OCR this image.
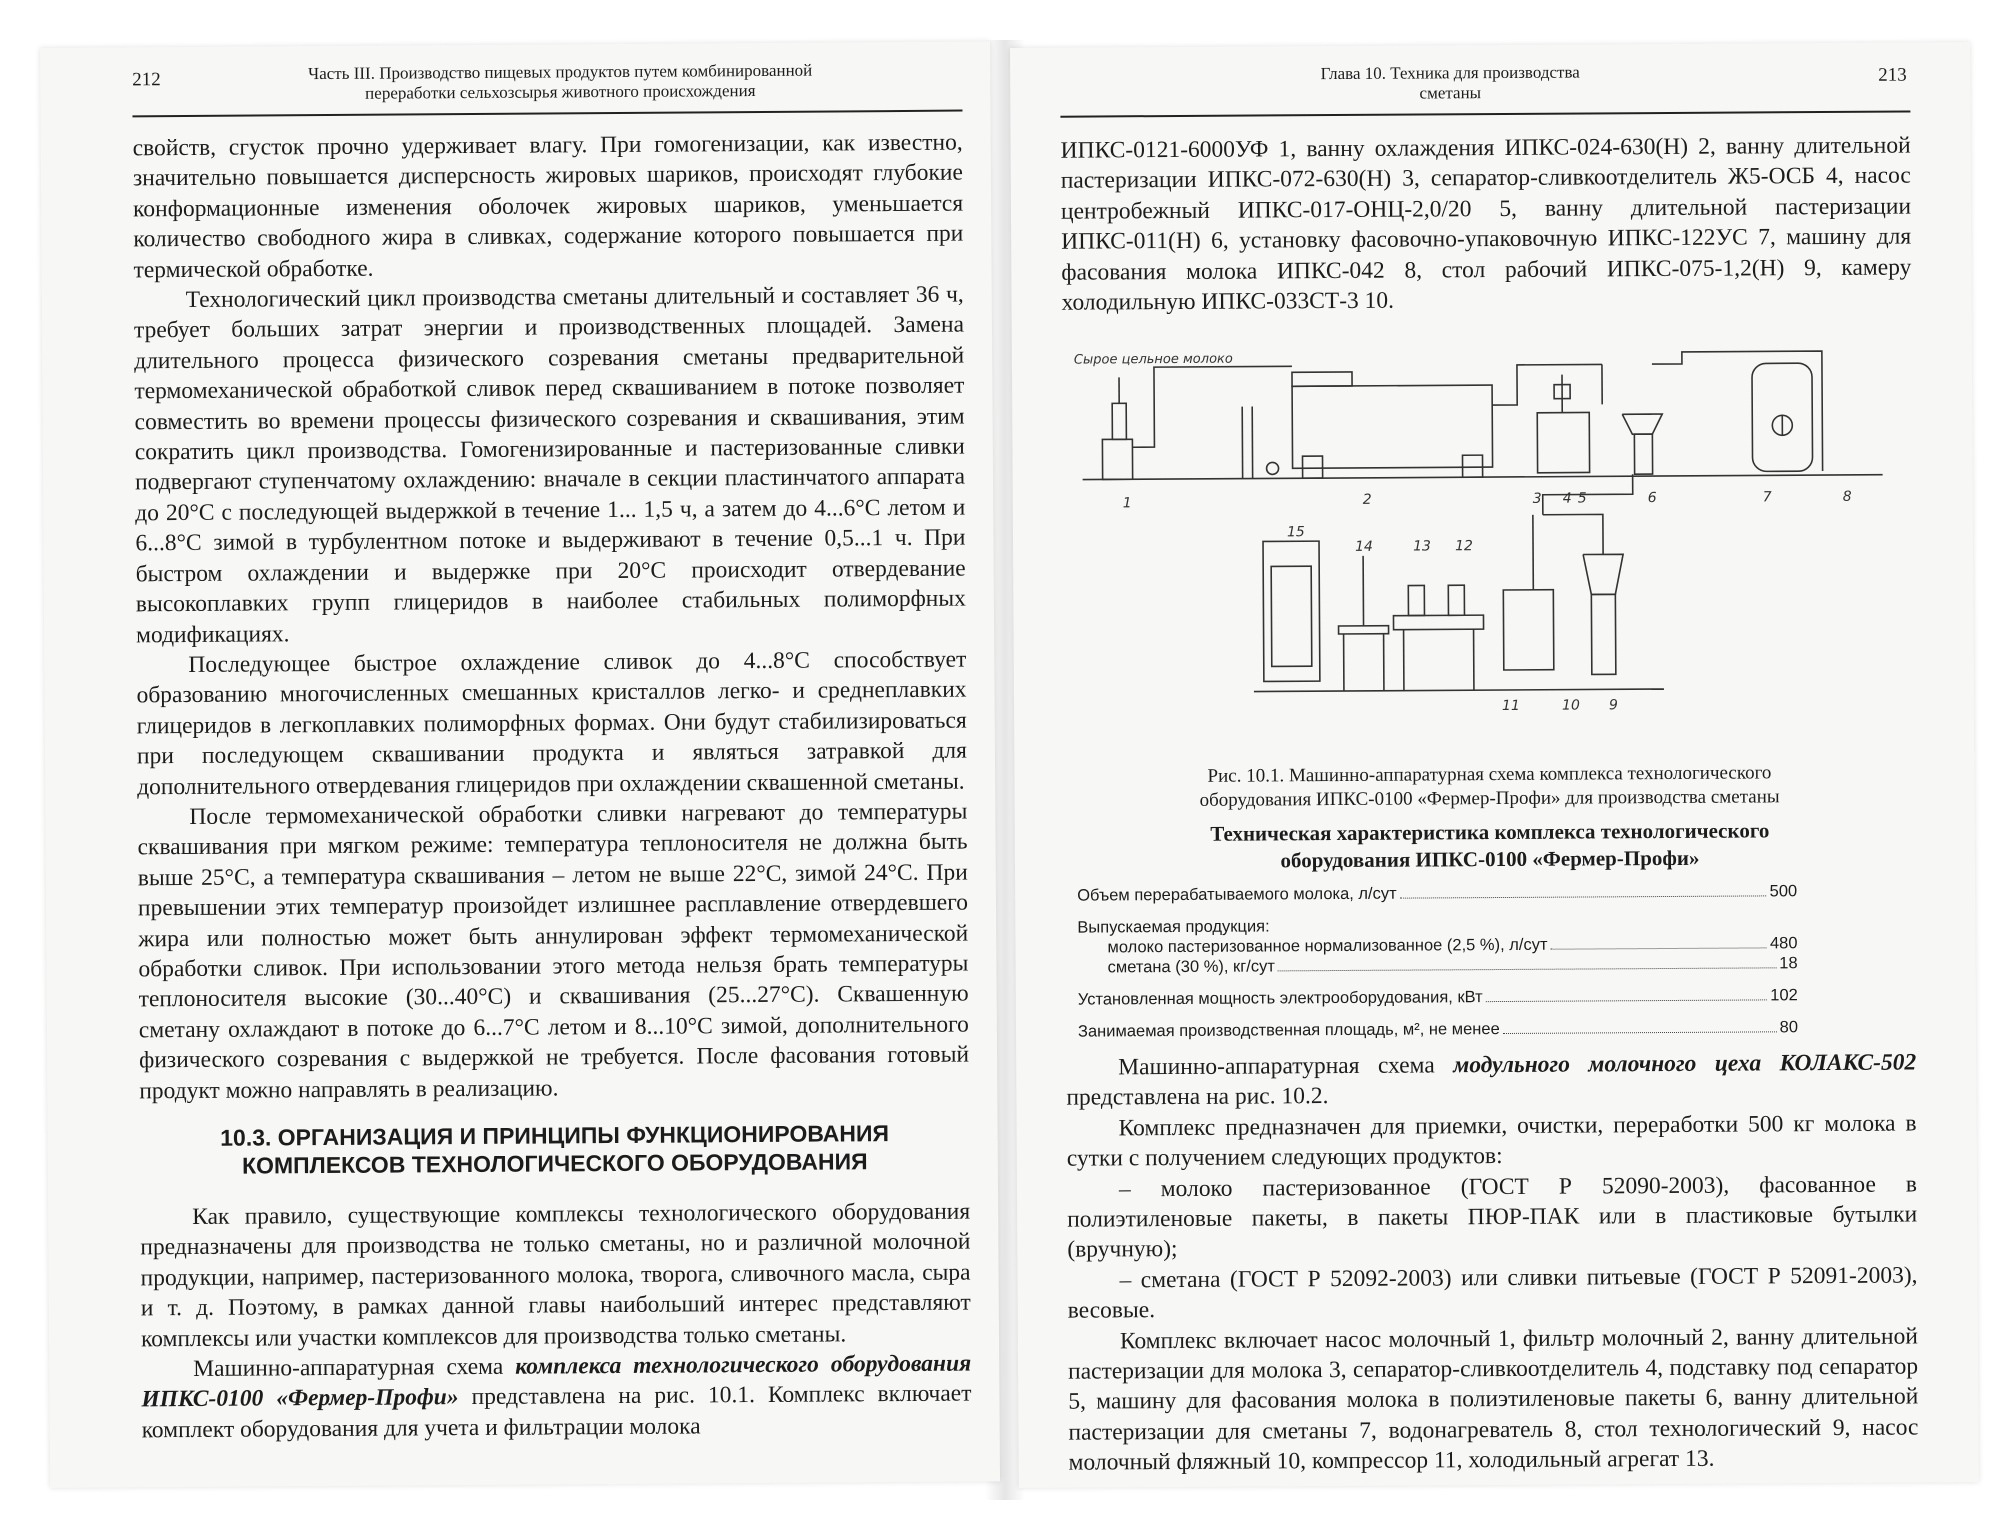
212	Часть III. Производство пищевых продуктов путем комбинированной
переработки сельхозсырья животного происхождения

свойств, сгусток прочно удерживает влагу. При гомогенизации, как известно, значительно повышается дисперсность жировых шариков, происходят глубокие конформационные изменения оболочек жировых шариков, уменьшается количество свободного жира в сливках, содержание которого повышается при термической обработке.

Технологический цикл производства сметаны длительный и составляет 36 ч, требует больших затрат энергии и производственных площадей. Замена длительного процесса физического созревания сметаны предварительной термомеханической обработкой сливок перед сквашиванием в потоке позволяет совместить во времени процессы физического созревания и сквашивания, этим сократить цикл производства. Гомогенизированные и пастеризованные сливки подвергают ступенчатому охлаждению: вначале в секции пластинчатого аппарата до 20°С с последующей выдержкой в течение 1... 1,5 ч, а затем до 4...6°С летом и 6...8°С зимой в турбулентном потоке и выдерживают в течение 0,5...1 ч. При быстром охлаждении и выдержке при 20°С происходит отвердевание высокоплавких групп глицеридов в наиболее стабильных полиморфных модификациях.

Последующее быстрое охлаждение сливок до 4...8°С способствует образованию многочисленных смешанных кристаллов легко- и среднеплавких глицеридов в легкоплавких полиморфных формах. Они будут стабилизироваться при последующем сквашивании продукта и являться затравкой для дополнительного отвердевания глицеридов при охлаждении сквашенной сметаны.

После термомеханической обработки сливки нагревают до температуры сквашивания при мягком режиме: температура теплоносителя не должна быть выше 25°С, а температура сквашивания – летом не выше 22°С, зимой 24°С. При превышении этих температур произойдет излишнее расплавление отвердевшего жира или полностью может быть аннулирован эффект термомеханической обработки сливок. При использовании этого метода нельзя брать температуры теплоносителя высокие (30...40°С) и сквашивания (25...27°С). Сквашенную сметану охлаждают в потоке до 6...7°С летом и 8...10°С зимой, дополнительного физического созревания с выдержкой не требуется. После фасования готовый продукт можно направлять в реализацию.

10.3. ОРГАНИЗАЦИЯ И ПРИНЦИПЫ ФУНКЦИОНИРОВАНИЯ
КОМПЛЕКСОВ ТЕХНОЛОГИЧЕСКОГО ОБОРУДОВАНИЯ

Как правило, существующие комплексы технологического оборудования предназначены для производства не только сметаны, но и различной молочной продукции, например, пастеризованного молока, творога, сливочного масла, сыра и т. д. Поэтому, в рамках данной главы наибольший интерес представляют комплексы или участки комплексов для производства только сметаны.

Машинно-аппаратурная схема комплекса технологического оборудования ИПКС-0100 «Фермер-Профи» представлена на рис. 10.1. Комплекс включает комплект оборудования для учета и фильтрации молока

Глава 10. Техника для производства
сметаны
213

ИПКС-0121-6000УФ 1, ванну охлаждения ИПКС-024-630(Н) 2, ванну длительной пастеризации ИПКС-072-630(Н) 3, сепаратор-сливкоотделитель Ж5-ОСБ 4, насос центробежный ИПКС-017-ОНЦ-2,0/20 5, ванну длительной пастеризации ИПКС-011(Н) 6, установку фасовочно-упаковочную ИПКС-122УС 7, машину для фасования молока ИПКС-042 8, стол рабочий ИПКС-075-1,2(Н) 9, камеру холодильную ИПКС-033СТ-3 10.

Сырое цельное молоко
1	2	3 4 5	6	7	8
15
14	13 12
11	10 9
Рис. 10.1. Машинно-аппаратурная схема комплекса технологического
оборудования ИПКС-0100 «Фермер-Профи» для производства сметаны
Техническая характеристика комплекса технологического
оборудования ИПКС-0100 «Фермер-Профи»
Объем перерабатываемого молока, л/сут	500
Выпускаемая продукция:
молоко пастеризованное нормализованное (2,5 %), л/сут	480
сметана (30 %), кг/сут	18
Установленная мощность электрооборудования, кВт	102
Занимаемая производственная площадь, м², не менее	80

Машинно-аппаратурная схема модульного молочного цеха КОЛАКС-502 представлена на рис. 10.2.

Комплекс предназначен для приемки, очистки, переработки 500 кг молока в сутки с получением следующих продуктов:

– молоко пастеризованное (ГОСТ Р 52090-2003), фасованное в полиэтиленовые пакеты, в пакеты ПЮР-ПАК или в пластиковые бутылки (вручную);

– сметана (ГОСТ Р 52092-2003) или сливки питьевые (ГОСТ Р 52091-2003), весовые.

Комплекс включает насос молочный 1, фильтр молочный 2, ванну длительной пастеризации для молока 3, сепаратор-сливкоотделитель 4, подставку под сепаратор 5, машину для фасования молока в полиэтиленовые пакеты 6, ванну длительной пастеризации для сметаны 7, водонагреватель 8, стол технологический 9, насос молочный фляжный 10, компрессор 11, холодильный агрегат 13.
